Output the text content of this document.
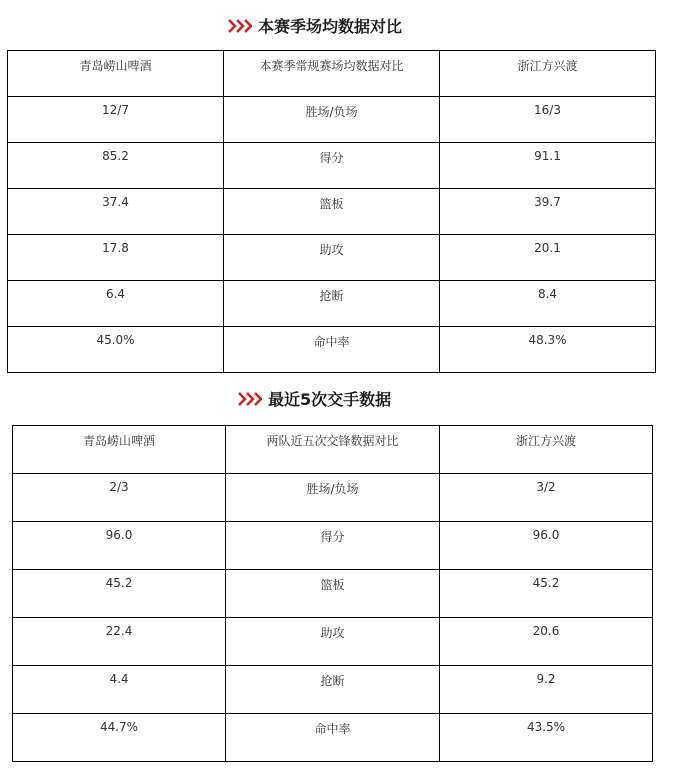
本赛季场均数据对比
青岛崂山啤酒	本赛季常规赛场均数据对比	浙江方兴渡
12/7	胜场/负场	16/3
85.2	得分	91.1
37.4	篮板	39.7
17.8	助攻	20.1
6.4	抢断	8.4
45.0%	命中率	48.3%
最近5次交手数据
青岛崂山啤酒	两队近五次交锋数据对比	浙江方兴渡
2/3	胜场/负场	3/2
96.0	得分	96.0
45.2	篮板	45.2
22.4	助攻	20.6
4.4	抢断	9.2
44.7%	命中率	43.5%
